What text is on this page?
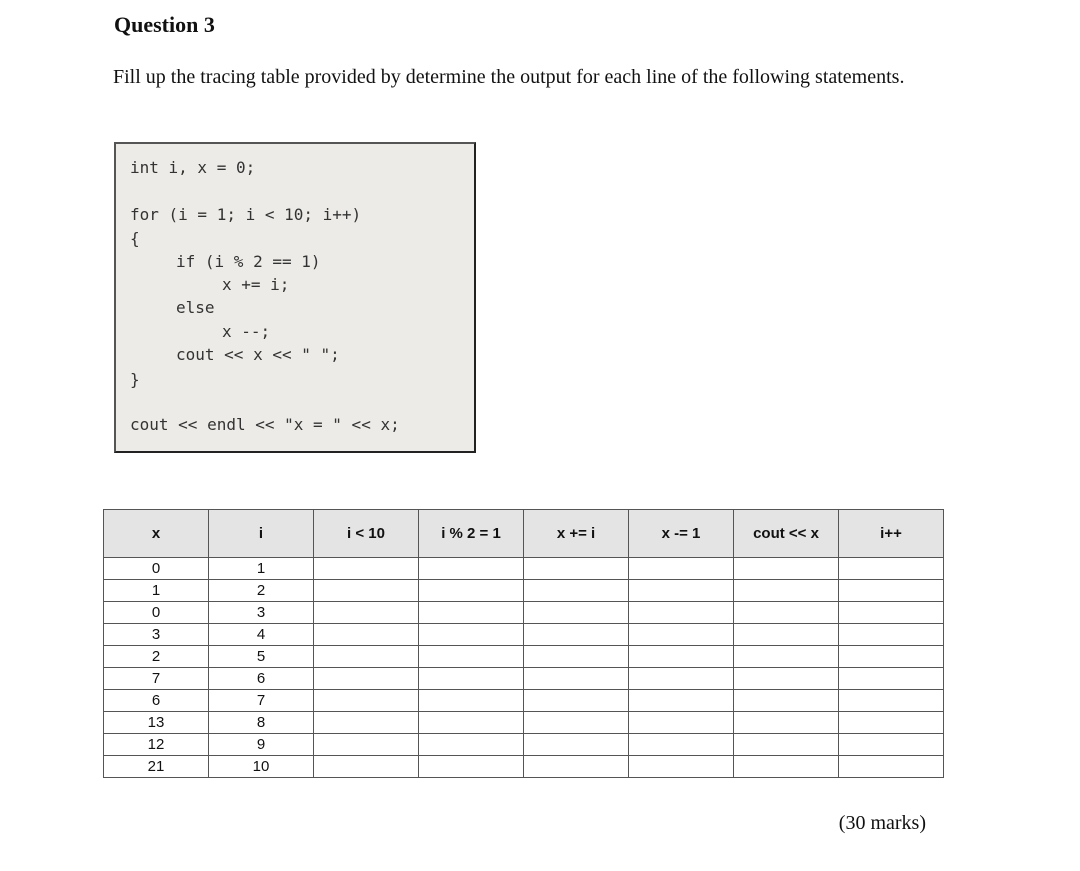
Question 3
Fill up the tracing table provided by determine the output for each line of the following statements.
int i, x = 0;
for (i = 1; i < 10; i++)
{
if (i % 2 == 1)
x += i;
else
x --;
cout << x << " ";
}
cout << endl << "x = " << x;
x	i	i < 10	i % 2 = 1	x += i	x -= 1	cout << x	i++
0	1						
1	2						
0	3						
3	4						
2	5						
7	6						
6	7						
13	8						
12	9						
21	10						
(30 marks)
